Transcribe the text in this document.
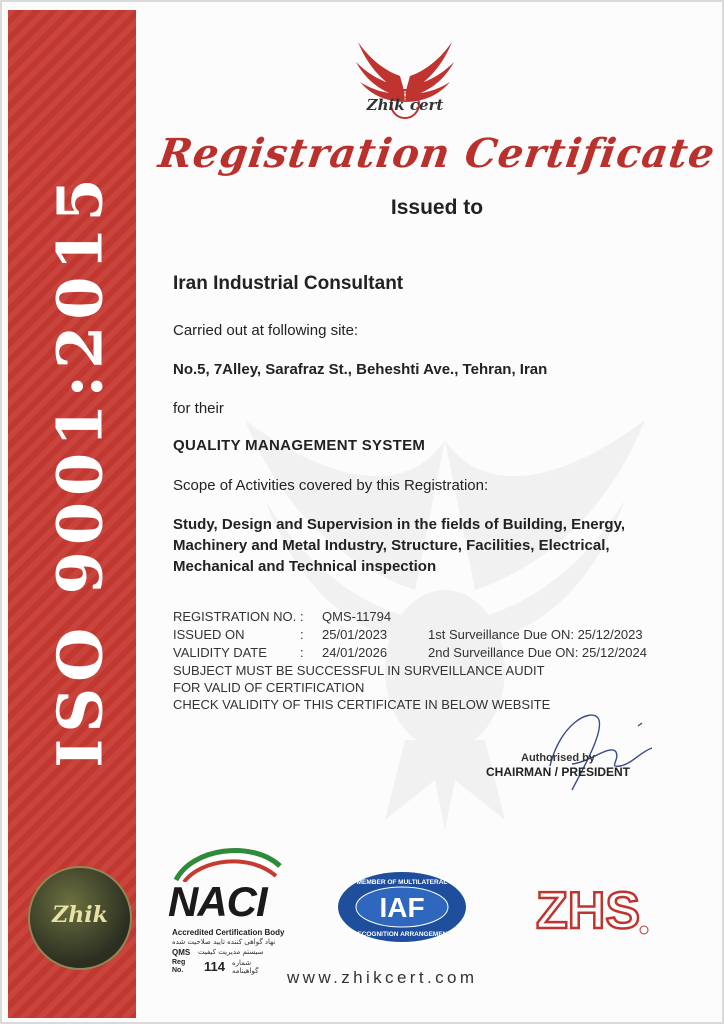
ISO 9001:2015
Zhik
Zhik cert
Registration Certificate
Issued to
Iran Industrial Consultant
Carried out at following site:
No.5, 7Alley, Sarafraz St., Beheshti Ave., Tehran, Iran
for their
QUALITY MANAGEMENT SYSTEM
Scope of Activities covered by this Registration:
Study, Design and Supervision in the fields of Building, Energy,
Machinery and Metal Industry, Structure, Facilities, Electrical,
Mechanical and Technical inspection
REGISTRATION NO.
ISSUED ON
VALIDITY DATE
:
:
:
QMS-11794
25/01/2023
24/01/2026
1st Surveillance Due ON: 25/12/2023
2nd Surveillance Due ON: 25/12/2024
SUBJECT MUST BE SUCCESSFUL IN SURVEILLANCE AUDIT
FOR VALID OF CERTIFICATION
CHECK VALIDITY OF THIS CERTIFICATE IN BELOW WEBSITE
Authorised by
CHAIRMAN / PRESIDENT
NACI
Accredited Certification Body
نهاد گواهی کننده تایید صلاحیت شده
QMS سیستم مدیریت کیفیت
Reg
No. 114 شماره
گواهینامه
MEMBER OF MULTILATERAL
IAF
RECOGNITION ARRANGEMENT ZHS
www.zhikcert.com
